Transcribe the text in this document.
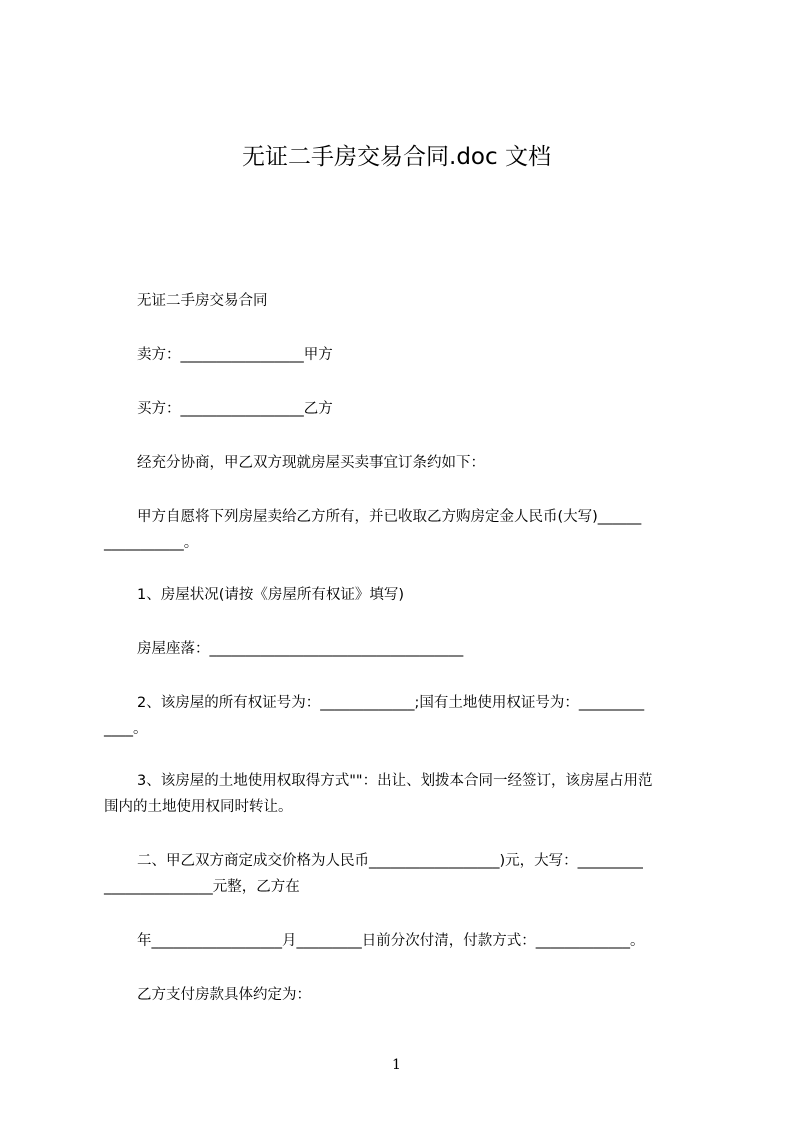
无证二手房交易合同.doc 文档
无证二手房交易合同
卖方：_________________甲方
买方：_________________乙方
经充分协商，甲乙双方现就房屋买卖事宜订条约如下：
甲方自愿将下列房屋卖给乙方所有，并已收取乙方购房定金人民币(大写)______
___________。
1、房屋状况(请按《房屋所有权证》填写)
房屋座落：___________________________________
2、该房屋的所有权证号为：_____________;国有土地使用权证号为：_________
____。
3、该房屋的土地使用权取得方式""：出让、划拨本合同一经签订，该房屋占用范
围内的土地使用权同时转让。
二、甲乙双方商定成交价格为人民币__________________)元，大写：_________
_______________元整，乙方在
年__________________月_________日前分次付清，付款方式：_____________。
乙方支付房款具体约定为：
1
